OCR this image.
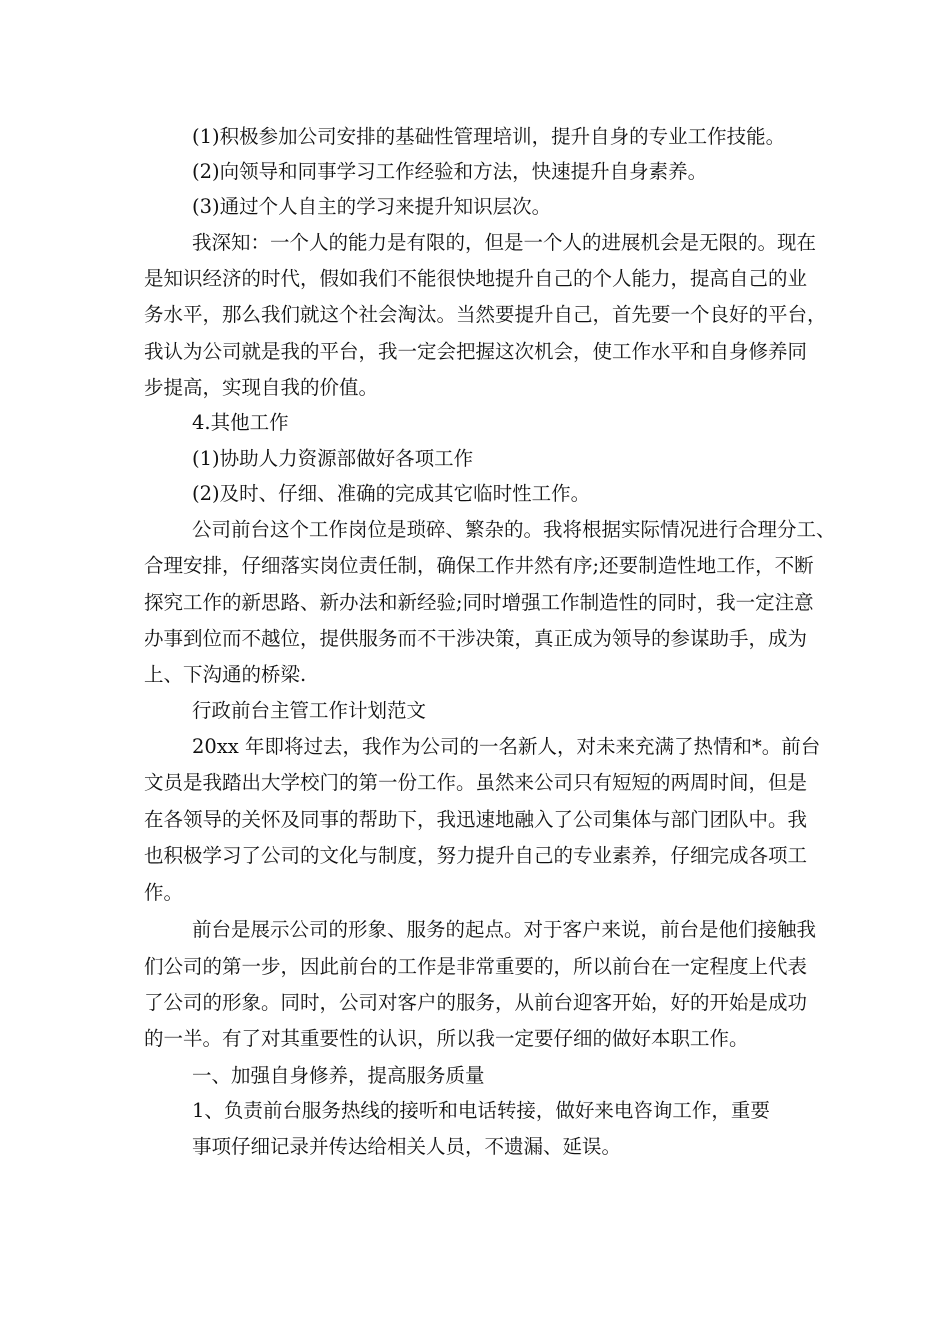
(1)积极参加公司安排的基础性管理培训，提升自身的专业工作技能。
(2)向领导和同事学习工作经验和方法，快速提升自身素养。
(3)通过个人自主的学习来提升知识层次。
我深知：一个人的能力是有限的，但是一个人的进展机会是无限的。现在
是知识经济的时代，假如我们不能很快地提升自己的个人能力，提高自己的业
务水平，那么我们就这个社会淘汰。当然要提升自己，首先要一个良好的平台，
我认为公司就是我的平台，我一定会把握这次机会，使工作水平和自身修养同
步提高，实现自我的价值。
4.其他工作
(1)协助人力资源部做好各项工作
(2)及时、仔细、准确的完成其它临时性工作。
公司前台这个工作岗位是琐碎、繁杂的。我将根据实际情况进行合理分工、
合理安排，仔细落实岗位责任制，确保工作井然有序;还要制造性地工作，不断
探究工作的新思路、新办法和新经验;同时增强工作制造性的同时，我一定注意
办事到位而不越位，提供服务而不干涉决策，真正成为领导的参谋助手，成为
上、下沟通的桥梁.
行政前台主管工作计划范文
20xx 年即将过去，我作为公司的一名新人，对未来充满了热情和*。前台
文员是我踏出大学校门的第一份工作。虽然来公司只有短短的两周时间，但是
在各领导的关怀及同事的帮助下，我迅速地融入了公司集体与部门团队中。我
也积极学习了公司的文化与制度，努力提升自己的专业素养，仔细完成各项工
作。
前台是展示公司的形象、服务的起点。对于客户来说，前台是他们接触我
们公司的第一步，因此前台的工作是非常重要的，所以前台在一定程度上代表
了公司的形象。同时，公司对客户的服务，从前台迎客开始，好的开始是成功
的一半。有了对其重要性的认识，所以我一定要仔细的做好本职工作。
一、加强自身修养，提高服务质量
1、负责前台服务热线的接听和电话转接，做好来电咨询工作，重要
事项仔细记录并传达给相关人员，不遗漏、延误。
